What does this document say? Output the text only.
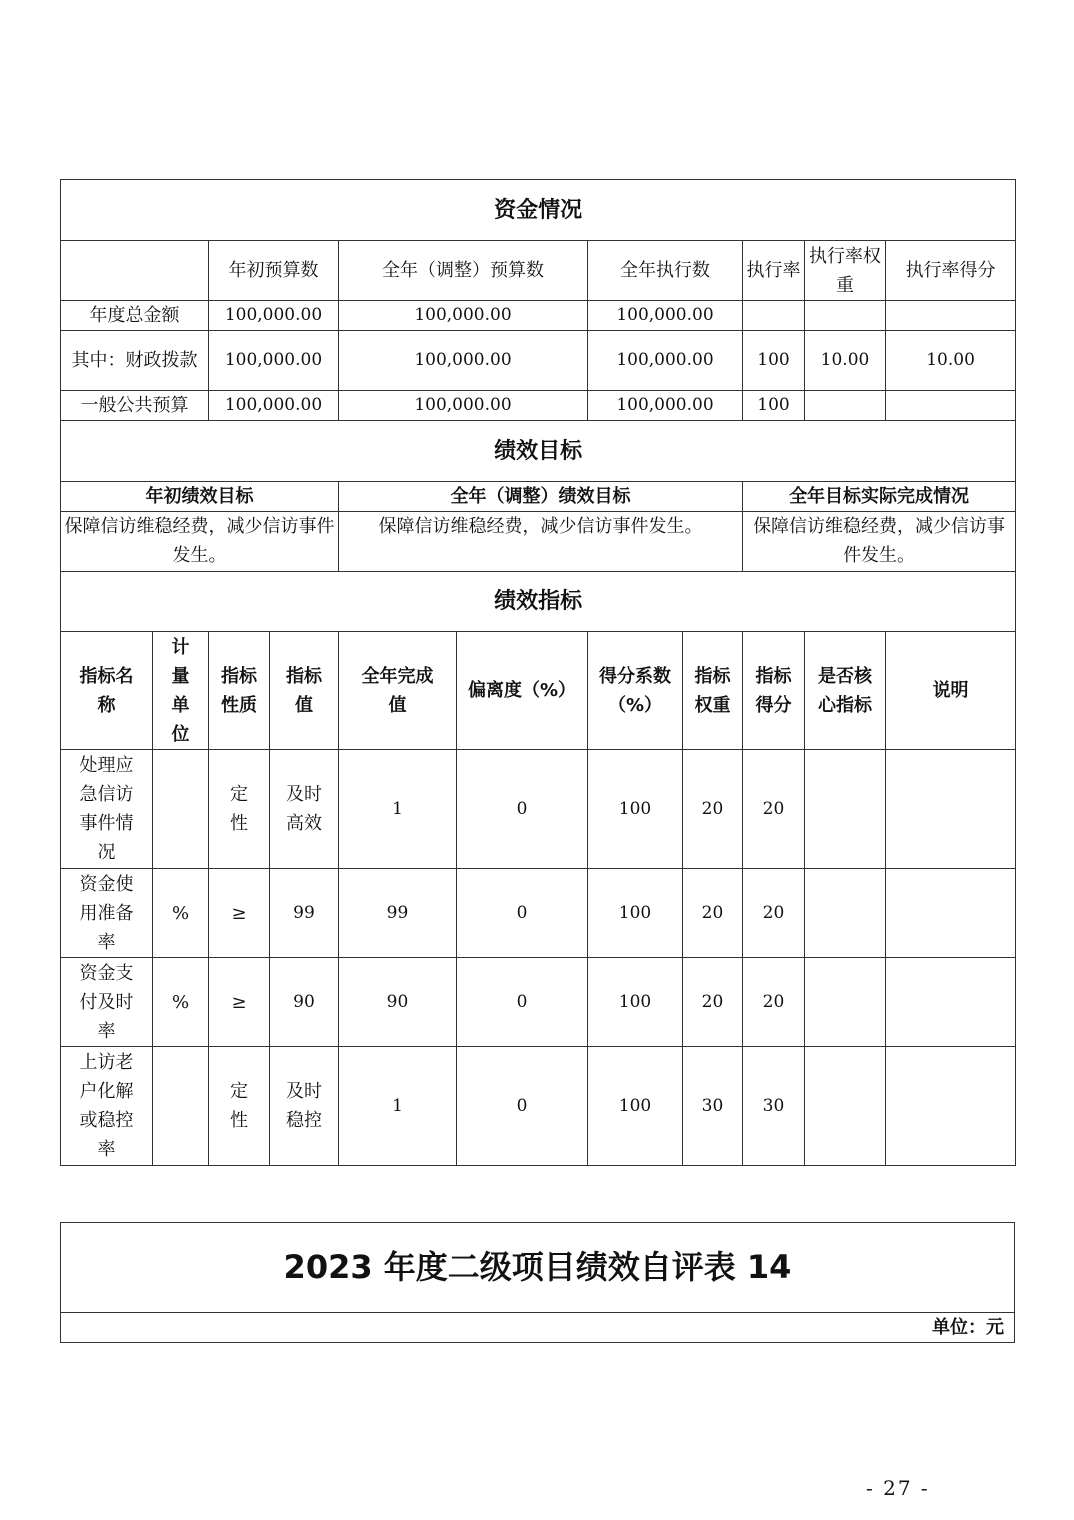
资金情况										
		年初预算数		全年（调整）预算数		全年执行数		执行率	执行率权重	执行率得分
年度总金额		100,000.00		100,000.00		100,000.00				
其中：财政拨款		100,000.00		100,000.00		100,000.00		100	10.00	10.00
一般公共预算		100,000.00		100,000.00		100,000.00		100		
绩效目标										
年初绩效目标				全年（调整）绩效目标				全年目标实际完成情况		
保障信访维稳经费，减少信访事件发生。				保障信访维稳经费，减少信访事件发生。				保障信访维稳经费，减少信访事件发生。		
绩效指标										
指标名称	计量单位	指标性质	指标值	全年完成值	偏离度（%）	得分系数（%）	指标权重	指标得分	是否核心指标	说明
处理应急信访事件情况		定性	及时高效	1	0	100	20	20		
资金使用准备率	%	≥	99	99	0	100	20	20		
资金支付及时率	%	≥	90	90	0	100	20	20		
上访老户化解或稳控率		定性	及时稳控	1	0	100	30	30		
2023 年度二级项目绩效自评表 14
单位：元
- 27 -
